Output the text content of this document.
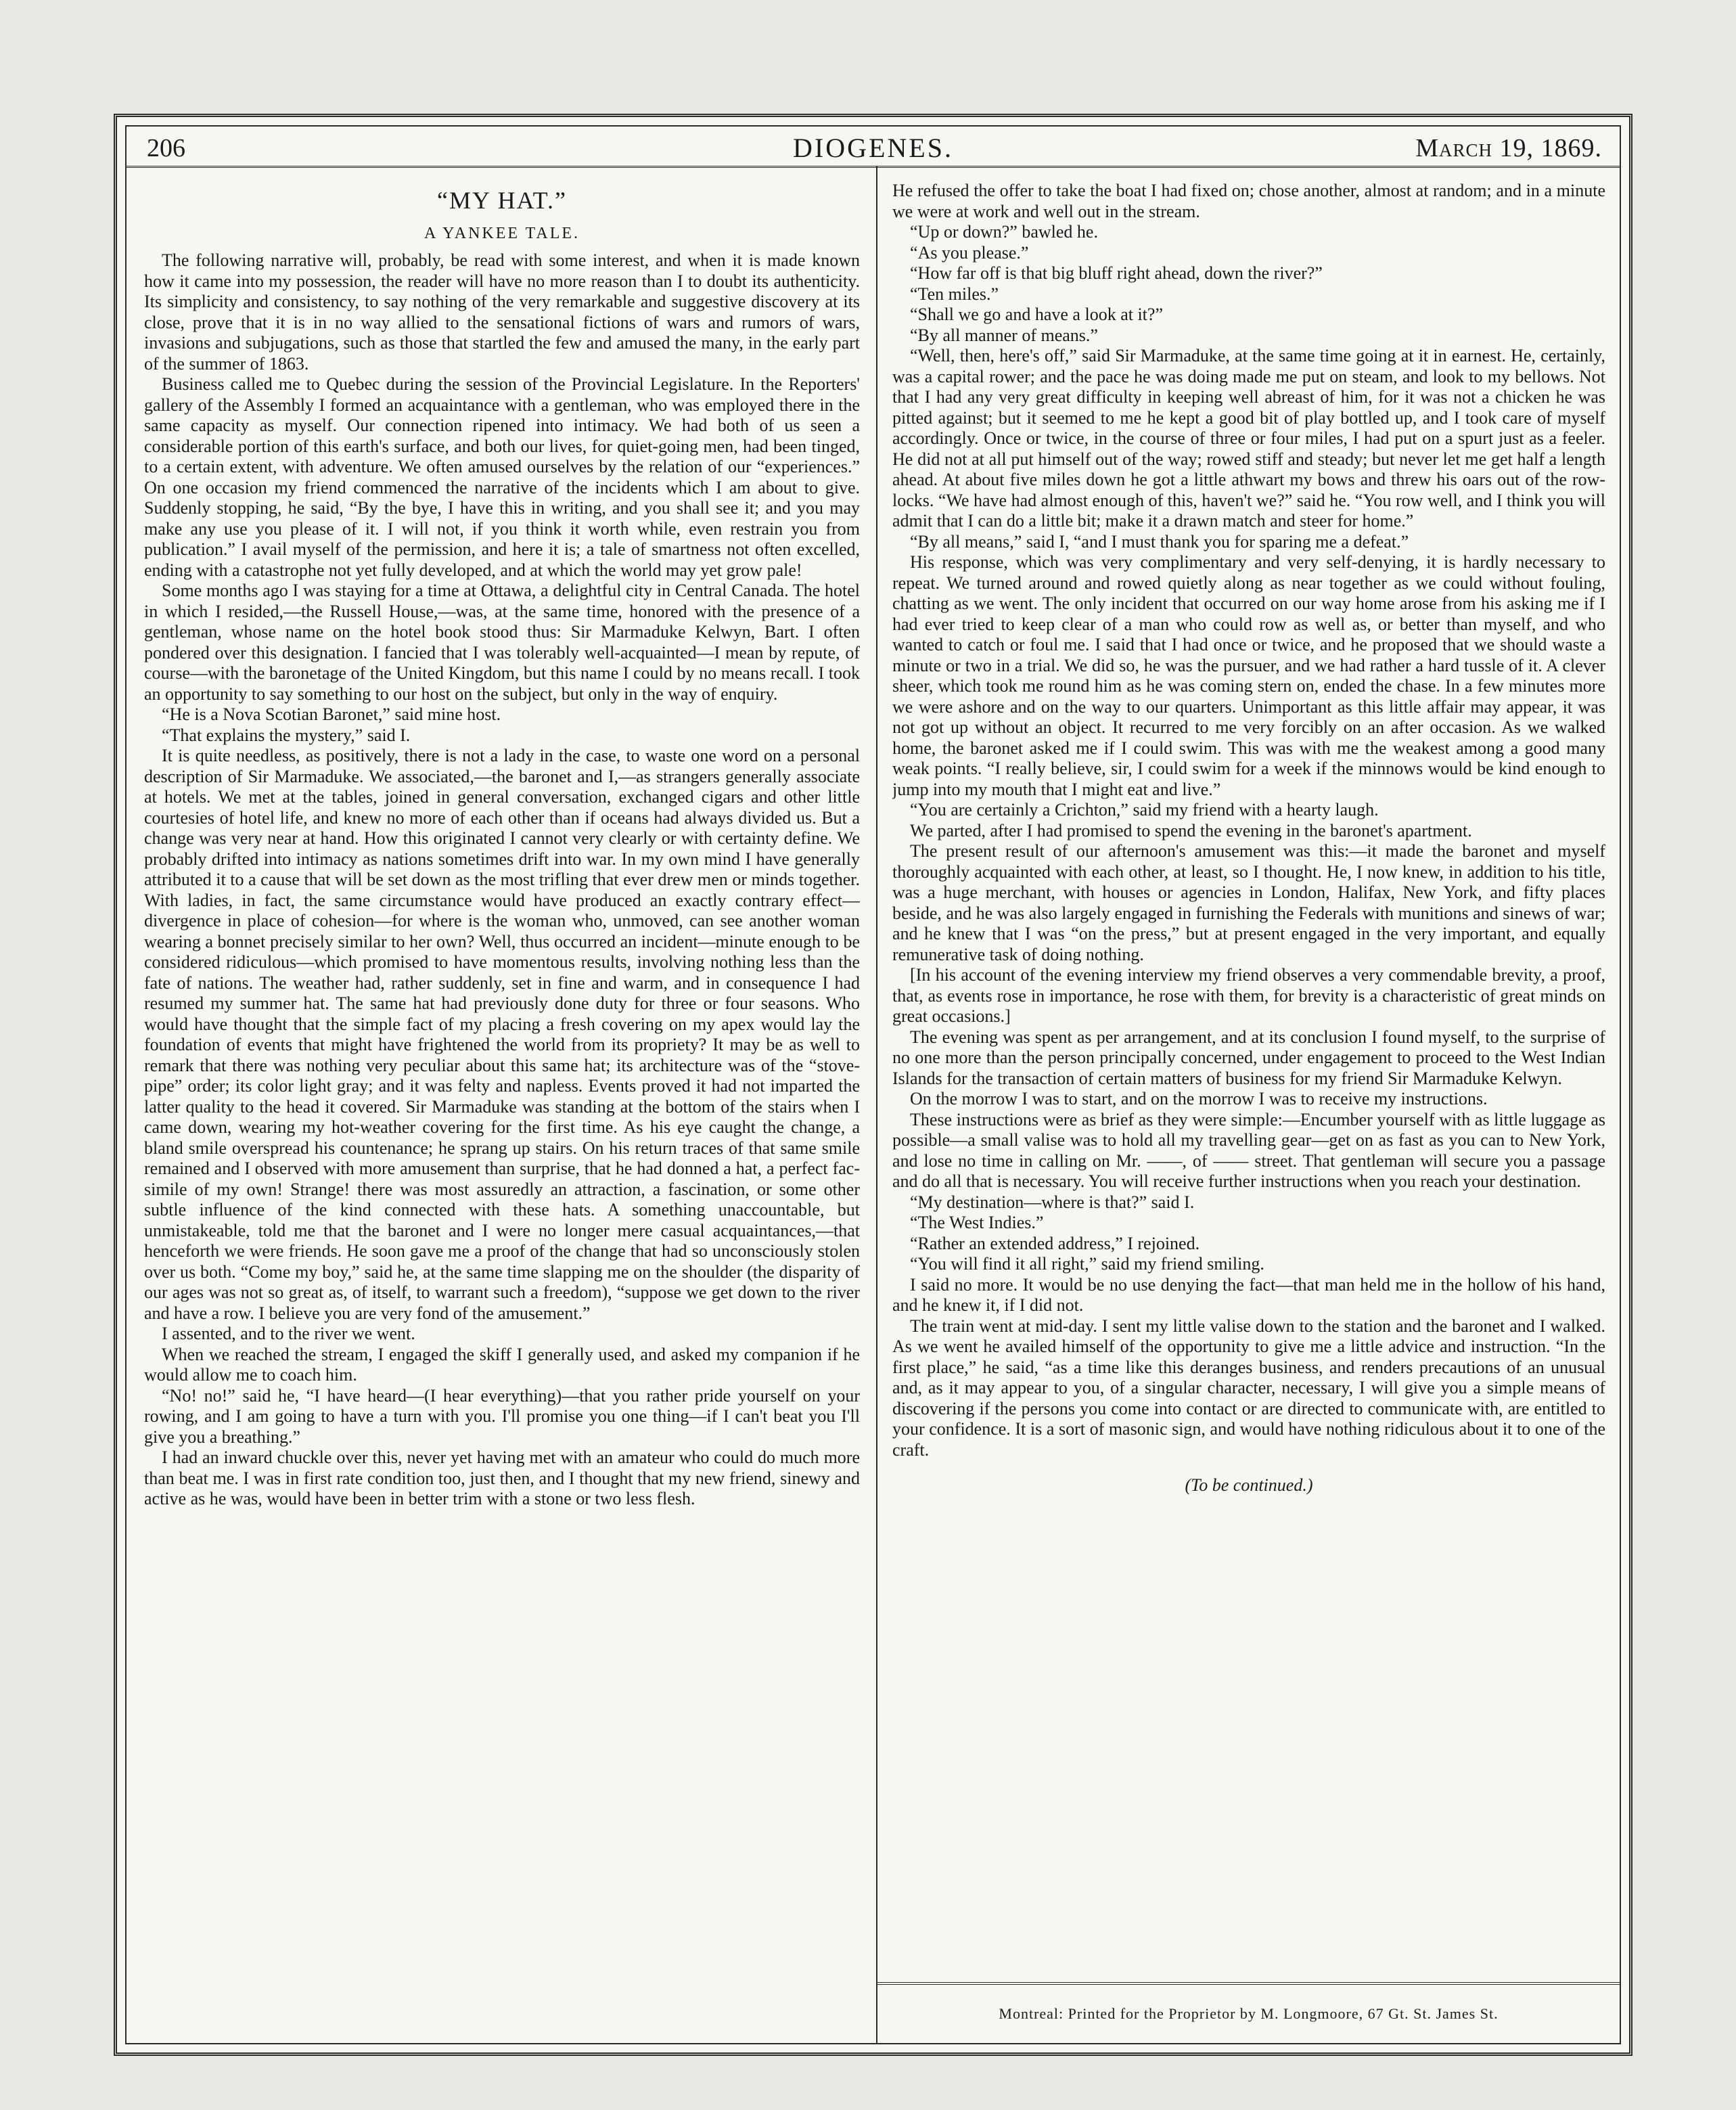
206	DIOGENES.	March 19, 1869.
“MY HAT.”
A YANKEE TALE.

The following narrative will, probably, be read with some interest, and when it is made known how it came into my possession, the reader will have no more reason than I to doubt its authenticity. Its simplicity and consistency, to say nothing of the very remarkable and suggestive discovery at its close, prove that it is in no way allied to the sensational fictions of wars and rumors of wars, invasions and subjugations, such as those that startled the few and amused the many, in the early part of the summer of 1863.

Business called me to Quebec during the session of the Provincial Legislature. In the Reporters' gallery of the Assembly I formed an acquaintance with a gentleman, who was employed there in the same capacity as myself. Our connection ripened into intimacy. We had both of us seen a considerable portion of this earth's surface, and both our lives, for quiet-going men, had been tinged, to a certain extent, with adventure. We often amused ourselves by the relation of our “experiences.” On one occasion my friend commenced the narrative of the incidents which I am about to give. Suddenly stopping, he said, “By the bye, I have this in writing, and you shall see it; and you may make any use you please of it. I will not, if you think it worth while, even restrain you from publication.” I avail myself of the permission, and here it is; a tale of smartness not often excelled, ending with a catastrophe not yet fully developed, and at which the world may yet grow pale!

Some months ago I was staying for a time at Ottawa, a delightful city in Central Canada. The hotel in which I resided,—the Russell House,—was, at the same time, honored with the presence of a gentleman, whose name on the hotel book stood thus: Sir Marmaduke Kelwyn, Bart. I often pondered over this designation. I fancied that I was tolerably well-acquainted—I mean by repute, of course—with the baronetage of the United Kingdom, but this name I could by no means recall. I took an opportunity to say something to our host on the subject, but only in the way of enquiry.

“He is a Nova Scotian Baronet,” said mine host.

“That explains the mystery,” said I.

It is quite needless, as positively, there is not a lady in the case, to waste one word on a personal description of Sir Marmaduke. We associated,—the baronet and I,—as strangers generally associate at hotels. We met at the tables, joined in general conversation, exchanged cigars and other little courtesies of hotel life, and knew no more of each other than if oceans had always divided us. But a change was very near at hand. How this originated I cannot very clearly or with certainty define. We probably drifted into intimacy as nations sometimes drift into war. In my own mind I have generally attributed it to a cause that will be set down as the most trifling that ever drew men or minds together. With ladies, in fact, the same circumstance would have produced an exactly contrary effect—divergence in place of cohesion—for where is the woman who, unmoved, can see another woman wearing a bonnet precisely similar to her own? Well, thus occurred an incident—minute enough to be considered ridiculous—which promised to have momentous results, involving nothing less than the fate of nations. The weather had, rather suddenly, set in fine and warm, and in consequence I had resumed my summer hat. The same hat had previously done duty for three or four seasons. Who would have thought that the simple fact of my placing a fresh covering on my apex would lay the foundation of events that might have frightened the world from its propriety? It may be as well to remark that there was nothing very peculiar about this same hat; its architecture was of the “stove-pipe” order; its color light gray; and it was felty and napless. Events proved it had not imparted the latter quality to the head it covered. Sir Marmaduke was standing at the bottom of the stairs when I came down, wearing my hot-weather covering for the first time. As his eye caught the change, a bland smile overspread his countenance; he sprang up stairs. On his return traces of that same smile remained and I observed with more amusement than surprise, that he had donned a hat, a perfect fac-simile of my own! Strange! there was most assuredly an attraction, a fascination, or some other subtle influence of the kind connected with these hats. A something unaccountable, but unmistakeable, told me that the baronet and I were no longer mere casual acquaintances,—that henceforth we were friends. He soon gave me a proof of the change that had so unconsciously stolen over us both. “Come my boy,” said he, at the same time slapping me on the shoulder (the disparity of our ages was not so great as, of itself, to warrant such a freedom), “suppose we get down to the river and have a row. I believe you are very fond of the amusement.”

I assented, and to the river we went.

When we reached the stream, I engaged the skiff I generally used, and asked my companion if he would allow me to coach him.

“No! no!” said he, “I have heard—(I hear everything)—that you rather pride yourself on your rowing, and I am going to have a turn with you. I'll promise you one thing—if I can't beat you I'll give you a breathing.”

I had an inward chuckle over this, never yet having met with an amateur who could do much more than beat me. I was in first rate condition too, just then, and I thought that my new friend, sinewy and active as he was, would have been in better trim with a stone or two less flesh.

He refused the offer to take the boat I had fixed on; chose another, almost at random; and in a minute we were at work and well out in the stream.

“Up or down?” bawled he.

“As you please.”

“How far off is that big bluff right ahead, down the river?”

“Ten miles.”

“Shall we go and have a look at it?”

“By all manner of means.”

“Well, then, here's off,” said Sir Marmaduke, at the same time going at it in earnest. He, certainly, was a capital rower; and the pace he was doing made me put on steam, and look to my bellows. Not that I had any very great difficulty in keeping well abreast of him, for it was not a chicken he was pitted against; but it seemed to me he kept a good bit of play bottled up, and I took care of myself accordingly. Once or twice, in the course of three or four miles, I had put on a spurt just as a feeler. He did not at all put himself out of the way; rowed stiff and steady; but never let me get half a length ahead. At about five miles down he got a little athwart my bows and threw his oars out of the row-locks. “We have had almost enough of this, haven't we?” said he. “You row well, and I think you will admit that I can do a little bit; make it a drawn match and steer for home.”

“By all means,” said I, “and I must thank you for sparing me a defeat.”

His response, which was very complimentary and very self-denying, it is hardly necessary to repeat. We turned around and rowed quietly along as near together as we could without fouling, chatting as we went. The only incident that occurred on our way home arose from his asking me if I had ever tried to keep clear of a man who could row as well as, or better than myself, and who wanted to catch or foul me. I said that I had once or twice, and he proposed that we should waste a minute or two in a trial. We did so, he was the pursuer, and we had rather a hard tussle of it. A clever sheer, which took me round him as he was coming stern on, ended the chase. In a few minutes more we were ashore and on the way to our quarters. Unimportant as this little affair may appear, it was not got up without an object. It recurred to me very forcibly on an after occasion. As we walked home, the baronet asked me if I could swim. This was with me the weakest among a good many weak points. “I really believe, sir, I could swim for a week if the minnows would be kind enough to jump into my mouth that I might eat and live.”

“You are certainly a Crichton,” said my friend with a hearty laugh.

We parted, after I had promised to spend the evening in the baronet's apartment.

The present result of our afternoon's amusement was this:—it made the baronet and myself thoroughly acquainted with each other, at least, so I thought. He, I now knew, in addition to his title, was a huge merchant, with houses or agencies in London, Halifax, New York, and fifty places beside, and he was also largely engaged in furnishing the Federals with munitions and sinews of war; and he knew that I was “on the press,” but at present engaged in the very important, and equally remunerative task of doing nothing.

[In his account of the evening interview my friend observes a very commendable brevity, a proof, that, as events rose in importance, he rose with them, for brevity is a characteristic of great minds on great occasions.]

The evening was spent as per arrangement, and at its conclusion I found myself, to the surprise of no one more than the person principally concerned, under engagement to proceed to the West Indian Islands for the transaction of certain matters of business for my friend Sir Marmaduke Kelwyn.

On the morrow I was to start, and on the morrow I was to receive my instructions.

These instructions were as brief as they were simple:—Encumber yourself with as little luggage as possible—a small valise was to hold all my travelling gear—get on as fast as you can to New York, and lose no time in calling on Mr. ——, of —— street. That gentleman will secure you a passage and do all that is necessary. You will receive further instructions when you reach your destination.

“My destination—where is that?” said I.

“The West Indies.”

“Rather an extended address,” I rejoined.

“You will find it all right,” said my friend smiling.

I said no more. It would be no use denying the fact—that man held me in the hollow of his hand, and he knew it, if I did not.

The train went at mid-day. I sent my little valise down to the station and the baronet and I walked. As we went he availed himself of the opportunity to give me a little advice and instruction. “In the first place,” he said, “as a time like this deranges business, and renders precautions of an unusual and, as it may appear to you, of a singular character, necessary, I will give you a simple means of discovering if the persons you come into contact or are directed to communicate with, are entitled to your confidence. It is a sort of masonic sign, and would have nothing ridiculous about it to one of the craft.

(To be continued.)
Montreal: Printed for the Proprietor by M. Longmoore, 67 Gt. St. James St.
